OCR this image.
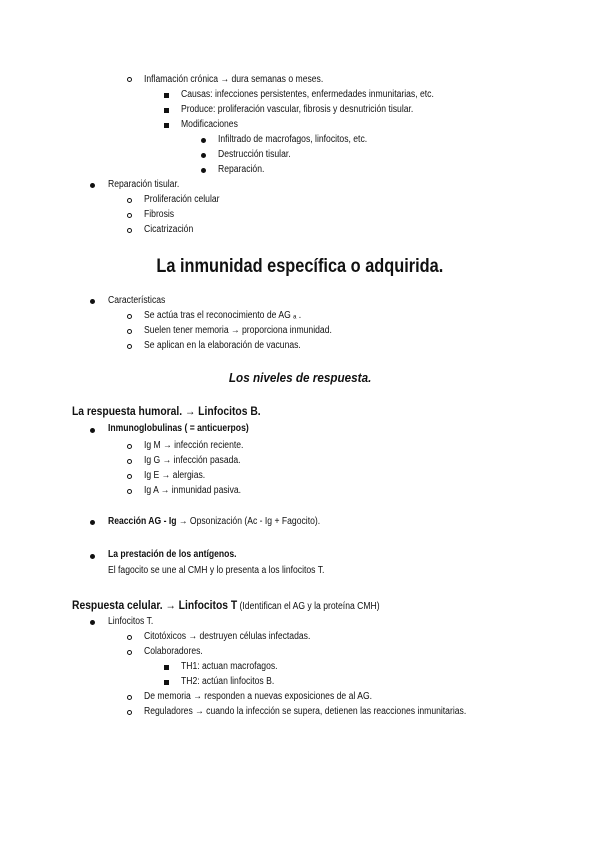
Inflamación crónica → dura semanas o meses.
Causas: infecciones persistentes, enfermedades inmunitarias, etc.
Produce: proliferación vascular, fibrosis y desnutrición tisular.
Modificaciones
Infiltrado de macrofagos, linfocitos, etc.
Destrucción tisular.
Reparación.
Reparación tisular.
Proliferación celular
Fibrosis
Cicatrización
La inmunidad específica o adquirida.
Características
Se actúa tras el reconocimiento de AG ₐ .
Suelen tener memoria → proporciona inmunidad.
Se aplican en la elaboración de vacunas.
Los niveles de respuesta.
La respuesta humoral. → Linfocitos B.
Inmunoglobulinas ( = anticuerpos)
Ig M → infección reciente.
Ig G → infección pasada.
Ig E → alergias.
Ig A → inmunidad pasiva.
Reacción AG - Ig → Opsonización (Ac - Ig + Fagocito).
La prestación de los antígenos.
El fagocito se une al CMH y lo presenta a los linfocitos T.
Respuesta celular. → Linfocitos T (Identifican el AG y la proteína CMH)
Linfocitos T.
Citotóxicos → destruyen células infectadas.
Colaboradores.
TH1: actuan macrofagos.
TH2: actúan linfocitos B.
De memoria → responden a nuevas exposiciones de al AG.
Reguladores → cuando la infección se supera, detienen las reacciones inmunitarias.
